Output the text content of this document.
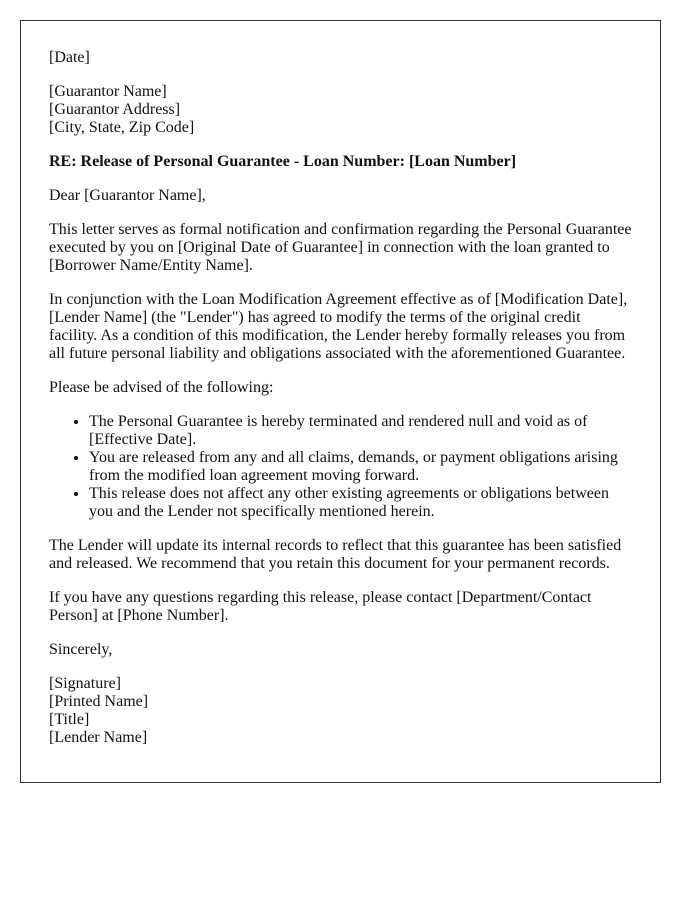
[Date]

[Guarantor Name]
[Guarantor Address]
[City, State, Zip Code]

RE: Release of Personal Guarantee - Loan Number: [Loan Number]

Dear [Guarantor Name],

This letter serves as formal notification and confirmation regarding the Personal Guarantee executed by you on [Original Date of Guarantee] in connection with the loan granted to [Borrower Name/Entity Name].

In conjunction with the Loan Modification Agreement effective as of [Modification Date], [Lender Name] (the "Lender") has agreed to modify the terms of the original credit facility. As a condition of this modification, the Lender hereby formally releases you from all future personal liability and obligations associated with the aforementioned Guarantee.

Please be advised of the following:

• The Personal Guarantee is hereby terminated and rendered null and void as of [Effective Date].
• You are released from any and all claims, demands, or payment obligations arising from the modified loan agreement moving forward.
• This release does not affect any other existing agreements or obligations between you and the Lender not specifically mentioned herein.

The Lender will update its internal records to reflect that this guarantee has been satisfied and released. We recommend that you retain this document for your permanent records.

If you have any questions regarding this release, please contact [Department/Contact Person] at [Phone Number].

Sincerely,

[Signature]
[Printed Name]
[Title]
[Lender Name]
